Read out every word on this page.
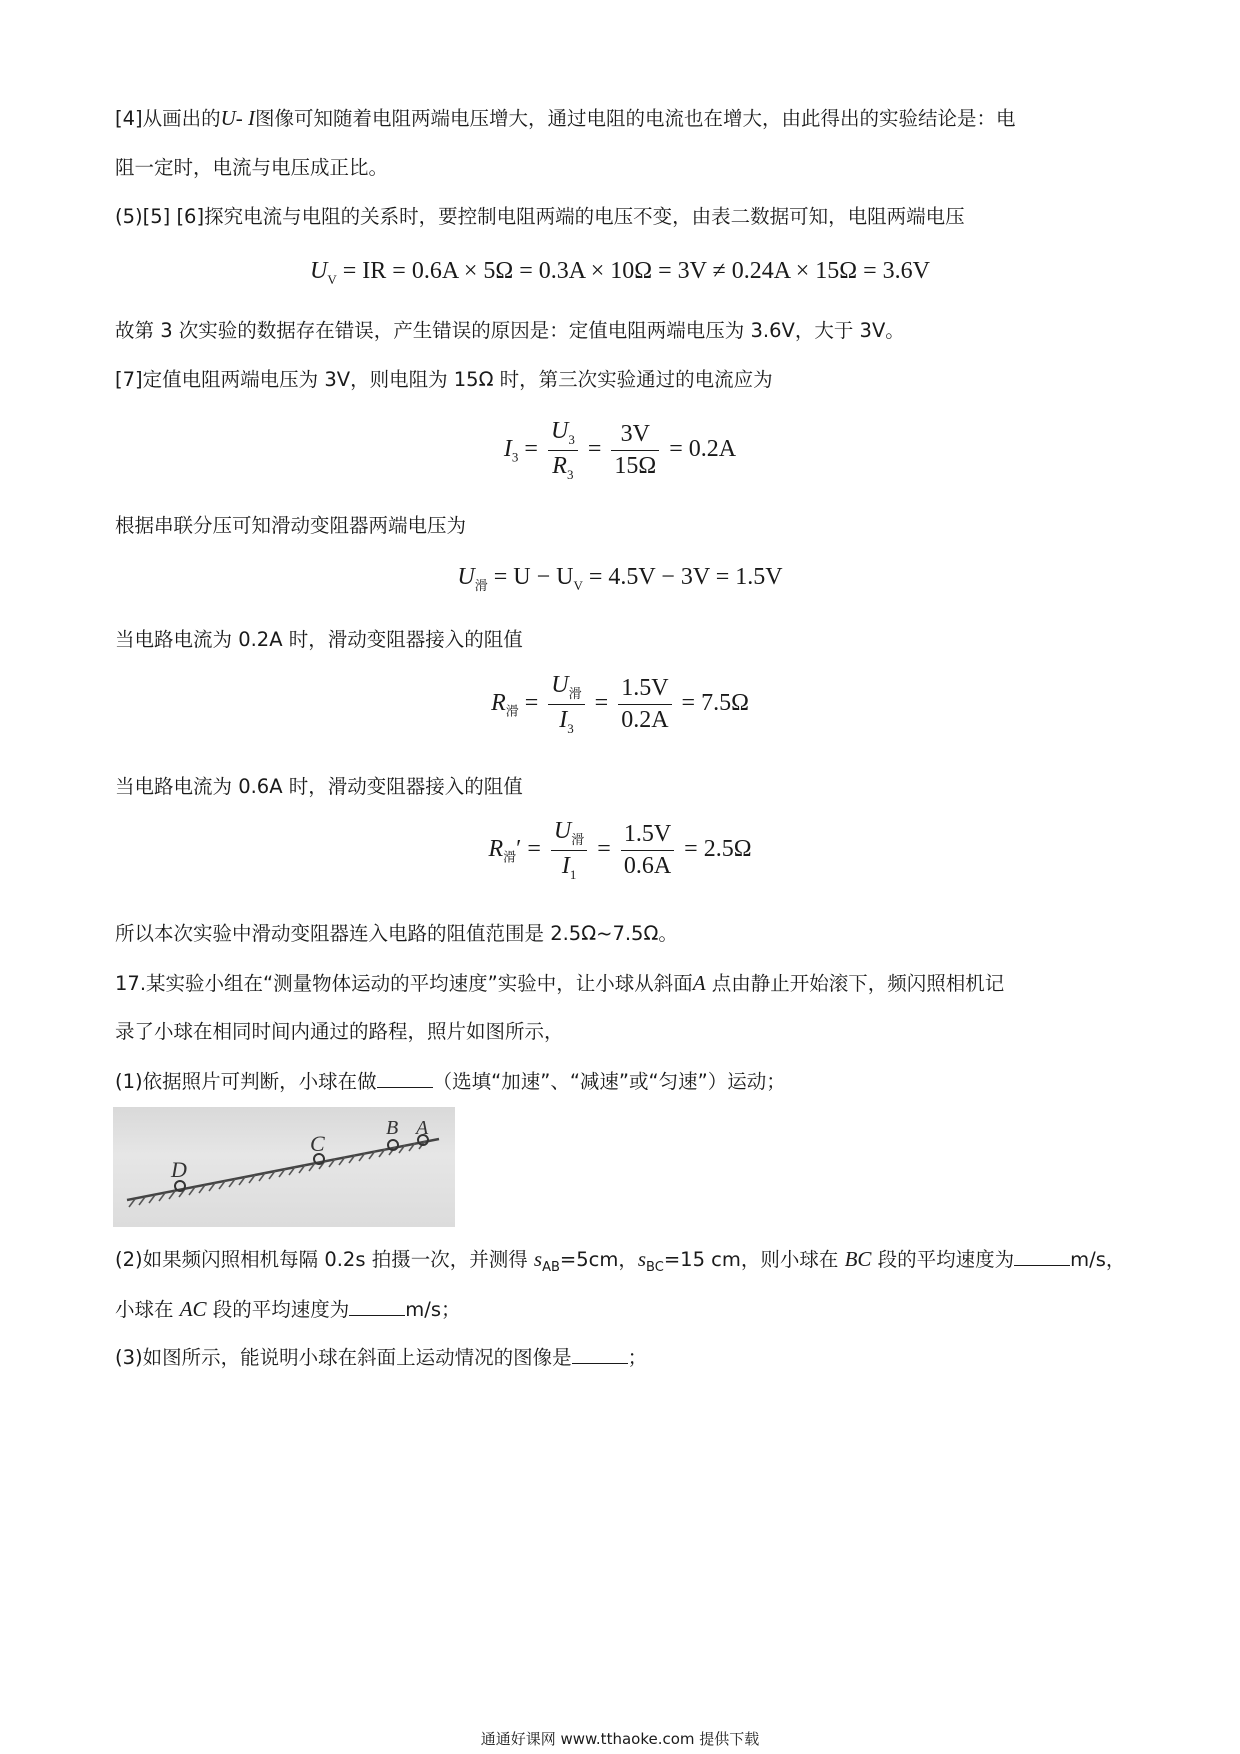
[4]从画出的U- I图像可知随着电阻两端电压增大，通过电阻的电流也在增大，由此得出的实验结论是：电
阻一定时，电流与电压成正比。
(5)[5] [6]探究电流与电阻的关系时，要控制电阻两端的电压不变，由表二数据可知，电阻两端电压
$U_V$ = IR = 0.6A × 5Ω = 0.3A × 10Ω = 3V ≠ 0.24A × 15Ω = 3.6V
故第 3 次实验的数据存在错误，产生错误的原因是：定值电阻两端电压为 3.6V，大于 3V。
[7]定值电阻两端电压为 3V，则电阻为 15Ω 时，第三次实验通过的电流应为
$I_3 = \frac{U_3}{R_3} = \frac{3V}{15\Omega} = 0.2A$
根据串联分压可知滑动变阻器两端电压为
$U_滑 = U - U_V = 4.5V - 3V = 1.5V$
当电路电流为 0.2A 时，滑动变阻器接入的阻值
$R_滑 = \frac{U_滑}{I_3} = \frac{1.5V}{0.2A} = 7.5\Omega$
当电路电流为 0.6A 时，滑动变阻器接入的阻值
$R_滑' = \frac{U_滑}{I_1} = \frac{1.5V}{0.6A} = 2.5\Omega$
所以本次实验中滑动变阻器连入电路的阻值范围是 2.5Ω~7.5Ω。
17.某实验小组在“测量物体运动的平均速度”实验中，让小球从斜面A 点由静止开始滚下，频闪照相机记
录了小球在相同时间内通过的路程，照片如图所示，
(1)依据照片可判断，小球在做	（选填“加速”、“减速”或“匀速”）运动；
D
C
B A
(2)如果频闪照相机每隔 0.2s 拍摄一次，并测得 $s_{AB}=5cm$，$s_{BC}=15$ cm，则小球在 BC 段的平均速度为	m/s，
小球在 AC 段的平均速度为	m/s；
(3)如图所示，能说明小球在斜面上运动情况的图像是	；
通通好课网 www.tthaoke.com 提供下载
